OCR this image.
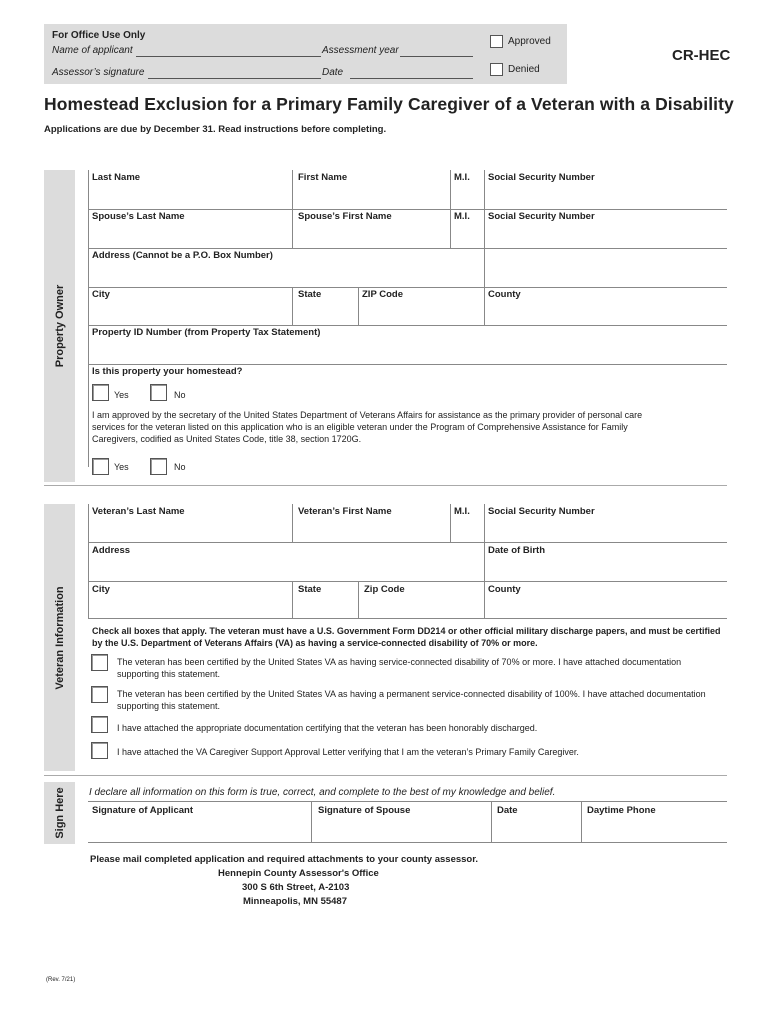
For Office Use Only
Name of applicant	Assessment year
Assessor’s signature	Date
Approved
Denied
CR-HEC
Homestead Exclusion for a Primary Family Caregiver of a Veteran with a Disability
Applications are due by December 31. Read instructions before completing.
Property Owner
Last Name	First Name	M.I. Social Security Number
Spouse’s Last Name	Spouse’s First Name	M.I. Social Security Number
Address (Cannot be a P.O. Box Number)
City	State	ZIP Code	County
Property ID Number (from Property Tax Statement)
Is this property your homestead?
Yes	No
I am approved by the secretary of the United States Department of Veterans Affairs for assistance as the primary provider of personal care services for the veteran listed on this application who is an eligible veteran under the Program of Comprehensive Assistance for Family Caregivers, codified as United States Code, title 38, section 1720G.
Yes	No
Veteran Information
Veteran’s Last Name	Veteran’s First Name	M.I. Social Security Number
Address	Date of Birth
City	State	Zip Code	County
Check all boxes that apply. The veteran must have a U.S. Government Form DD214 or other official military discharge papers, and must be certified by the U.S. Department of Veterans Affairs (VA) as having a service-connected disability of 70% or more.
The veteran has been certified by the United States VA as having service-connected disability of 70% or more. I have attached documentation supporting this statement.
The veteran has been certified by the United States VA as having a permanent service-connected disability of 100%. I have attached documentation supporting this statement.
I have attached the appropriate documentation certifying that the veteran has been honorably discharged.
I have attached the VA Caregiver Support Approval Letter verifying that I am the veteran’s Primary Family Caregiver.
Sign Here I declare all information on this form is true, correct, and complete to the best of my knowledge and belief.
Signature of Applicant	Signature of Spouse	Date	Daytime Phone
Please mail completed application and required attachments to your county assessor.
Hennepin County Assessor's Office
300 S 6th Street, A-2103
Minneapolis, MN 55487
(Rev. 7/21)
